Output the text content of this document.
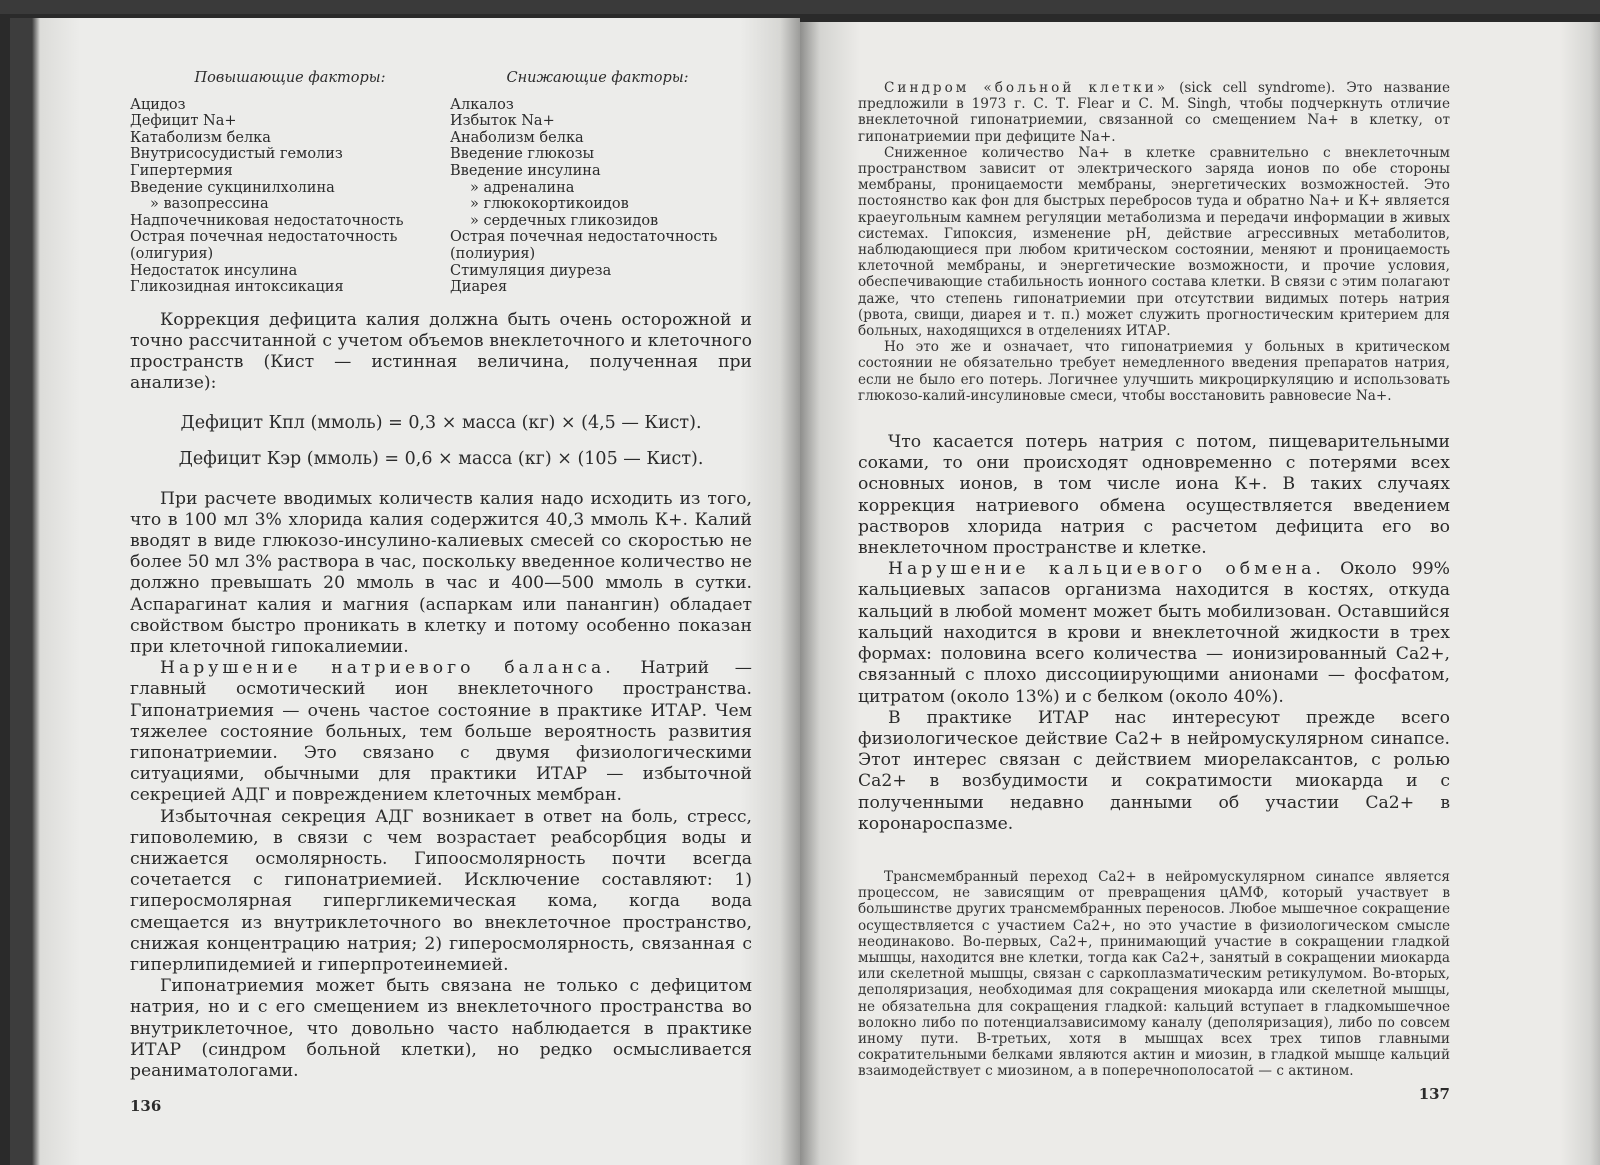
Повышающие факторы:
Ацидоз
Дефицит Na+
Катаболизм белка
Внутрисосудистый гемолиз
Гипертермия
Введение сукцинилхолина
» вазопрессина
Надпочечниковая недостаточность
Острая почечная недостаточность (олигурия)
Недостаток инсулина
Гликозидная интоксикация
Снижающие факторы:
Алкалоз
Избыток Na+
Анаболизм белка
Введение глюкозы
Введение инсулина
» адреналина
» глюкокортикоидов
» сердечных гликозидов
Острая почечная недостаточность (полиурия)
Стимуляция диуреза
Диарея

Коррекция дефицита калия должна быть очень осторожной и точно рассчитанной с учетом объемов внеклеточного и клеточного пространств (Кист — истинная величина, полученная при анализе):

Дефицит Кпл (ммоль) = 0,3 × масса (кг) × (4,5 — Кист).
Дефицит Кэр (ммоль) = 0,6 × масса (кг) × (105 — Кист).

При расчете вводимых количеств калия надо исходить из того, что в 100 мл 3% хлорида калия содержится 40,3 ммоль К+. Калий вводят в виде глюкозо-инсулино-калиевых смесей со скоростью не более 50 мл 3% раствора в час, поскольку введенное количество не должно превышать 20 ммоль в час и 400—500 ммоль в сутки. Аспарагинат калия и магния (аспаркам или панангин) обладает свойством быстро проникать в клетку и потому особенно показан при клеточной гипокалиемии.

Нарушение натриевого баланса. Натрий — главный осмотический ион внеклеточного пространства. Гипонатриемия — очень частое состояние в практике ИТАР. Чем тяжелее состояние больных, тем больше вероятность развития гипонатриемии. Это связано с двумя физиологическими ситуациями, обычными для практики ИТАР — избыточной секрецией АДГ и повреждением клеточных мембран.

Избыточная секреция АДГ возникает в ответ на боль, стресс, гиповолемию, в связи с чем возрастает реабсорбция воды и снижается осмолярность. Гипоосмолярность почти всегда сочетается с гипонатриемией. Исключение составляют: 1) гиперосмолярная гипергликемическая кома, когда вода смещается из внутриклеточного во внеклеточное пространство, снижая концентрацию натрия; 2) гиперосмолярность, связанная с гиперлипидемией и гиперпротеинемией.

Гипонатриемия может быть связана не только с дефицитом натрия, но и с его смещением из внеклеточного пространства во внутриклеточное, что довольно часто наблюдается в практике ИТАР (синдром больной клетки), но редко осмысливается реаниматологами.

136

Синдром «больной клетки» (sick cell syndrome). Это название предложили в 1973 г. С. Т. Flear и С. М. Singh, чтобы подчеркнуть отличие внеклеточной гипонатриемии, связанной со смещением Na+ в клетку, от гипонатриемии при дефиците Na+.

Сниженное количество Na+ в клетке сравнительно с внеклеточным пространством зависит от электрического заряда ионов по обе стороны мембраны, проницаемости мембраны, энергетических возможностей. Это постоянство как фон для быстрых перебросов туда и обратно Na+ и К+ является краеугольным камнем регуляции метаболизма и передачи информации в живых системах. Гипоксия, изменение pH, действие агрессивных метаболитов, наблюдающиеся при любом критическом состоянии, меняют и проницаемость клеточной мембраны, и энергетические возможности, и прочие условия, обеспечивающие стабильность ионного состава клетки. В связи с этим полагают даже, что степень гипонатриемии при отсутствии видимых потерь натрия (рвота, свищи, диарея и т. п.) может служить прогностическим критерием для больных, находящихся в отделениях ИТАР.

Но это же и означает, что гипонатриемия у больных в критическом состоянии не обязательно требует немедленного введения препаратов натрия, если не было его потерь. Логичнее улучшить микроциркуляцию и использовать глюкозо-калий-инсулиновые смеси, чтобы восстановить равновесие Na+.

Что касается потерь натрия с потом, пищеварительными соками, то они происходят одновременно с потерями всех основных ионов, в том числе иона К+. В таких случаях коррекция натриевого обмена осуществляется введением растворов хлорида натрия с расчетом дефицита его во внеклеточном пространстве и клетке.

Нарушение кальциевого обмена. Около 99% кальциевых запасов организма находится в костях, откуда кальций в любой момент может быть мобилизован. Оставшийся кальций находится в крови и внеклеточной жидкости в трех формах: половина всего количества — ионизированный Са2+, связанный с плохо диссоциирующими анионами — фосфатом, цитратом (около 13%) и с белком (около 40%).

В практике ИТАР нас интересуют прежде всего физиологическое действие Са2+ в нейромускулярном синапсе. Этот интерес связан с действием миорелаксантов, с ролью Са2+ в возбудимости и сократимости миокарда и с полученными недавно данными об участии Са2+ в коронароспазме.

Трансмембранный переход Са2+ в нейромускулярном синапсе является процессом, не зависящим от превращения цАМФ, который участвует в большинстве других трансмембранных переносов. Любое мышечное сокращение осуществляется с участием Са2+, но это участие в физиологическом смысле неодинаково. Во-первых, Са2+, принимающий участие в сокращении гладкой мышцы, находится вне клетки, тогда как Са2+, занятый в сокращении миокарда или скелетной мышцы, связан с саркоплазматическим ретикулумом. Во-вторых, деполяризация, необходимая для сокращения миокарда или скелетной мышцы, не обязательна для сокращения гладкой: кальций вступает в гладкомышечное волокно либо по потенциалзависимому каналу (деполяризация), либо по совсем иному пути. В-третьих, хотя в мышцах всех трех типов главными сократительными белками являются актин и миозин, в гладкой мышце кальций взаимодействует с миозином, а в поперечнополосатой — с актином.

137
